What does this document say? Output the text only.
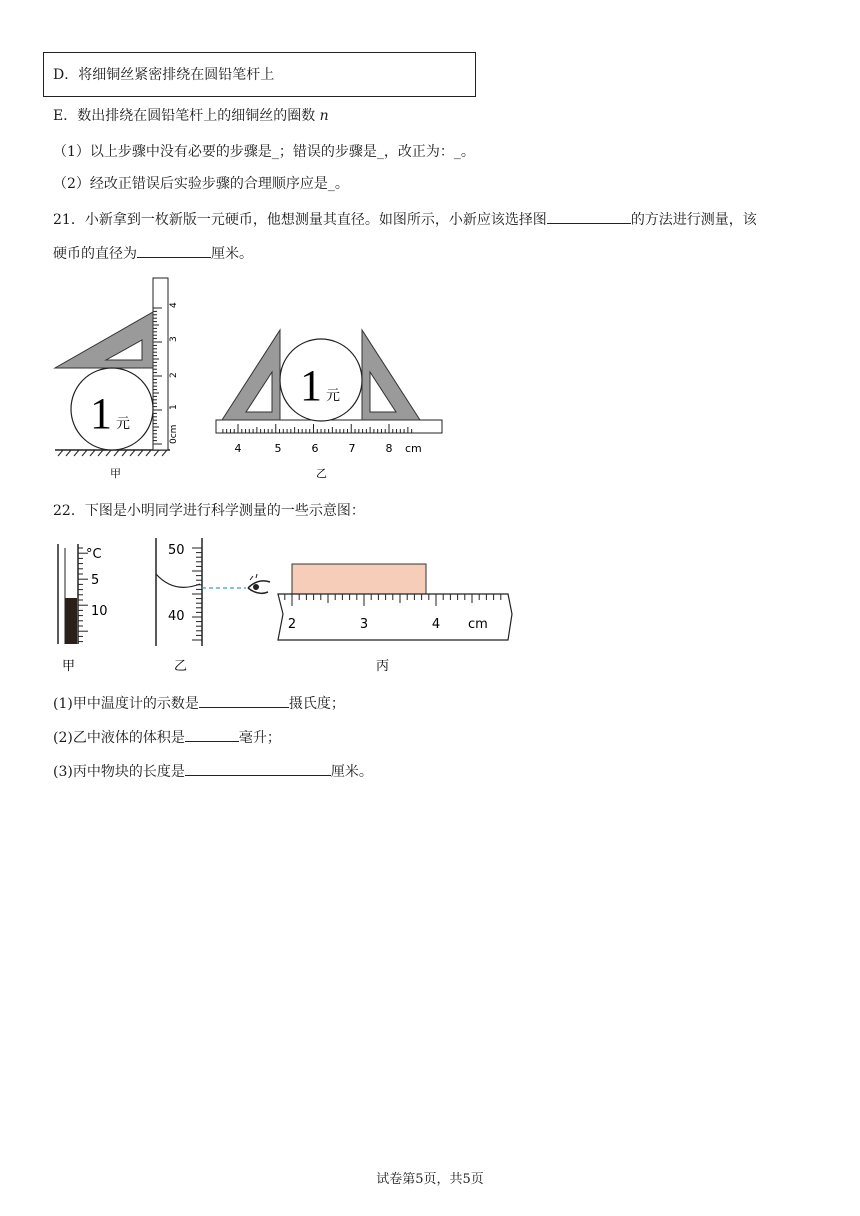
D．将细铜丝紧密排绕在圆铅笔杆上
E．数出排绕在圆铅笔杆上的细铜丝的圈数 n
（1）以上步骤中没有必要的步骤是_；错误的步骤是_，改正为：_。
（2）经改正错误后实验步骤的合理顺序应是_。
21．小新拿到一枚新版一元硬币，他想测量其直径。如图所示，小新应该选择图	的方法进行测量，该
硬币的直径为	厘米。
0cm
1
2
3
4
1 元
甲
1 元
4	5	6	7	8 cm
乙
22．下图是小明同学进行科学测量的一些示意图：
°C
5
10
甲
50
40
乙
2	3	4 cm
丙
(1)甲中温度计的示数是	摄氏度；
(2)乙中液体的体积是	毫升；
(3)丙中物块的长度是	厘米。
试卷第5页，共5页
